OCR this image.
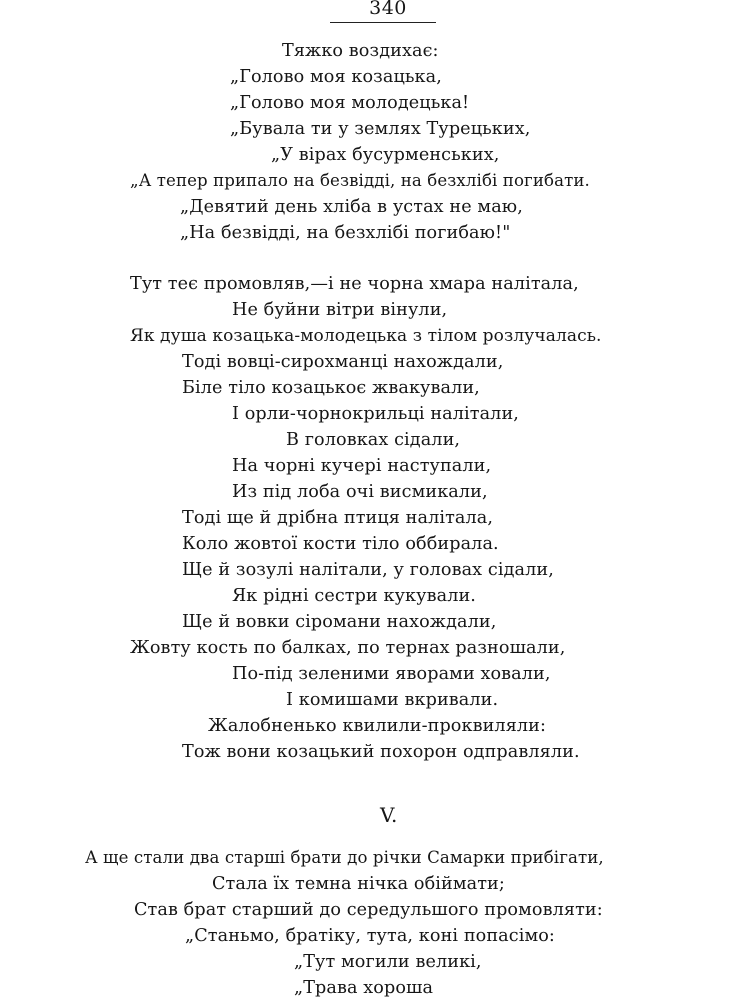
340
Тяжко воздихає:
„Голово моя козацька,
„Голово моя молодецька!
„Бувала ти у землях Турецьких,
„У вірах бусурменських,
„А тепер припало на безвідді, на безхлібі погибати.
„Девятий день хліба в устах не маю,
„На безвідді, на безхлібі погибаю!"
Тут теє промовляв,—і не чорна хмара налітала,
Не буйни вітри вінули,
Як душа козацька-молодецька з тілом розлучалась.
Тоді вовці-сирохманці нахождали,
Біле тіло козацькоє жвакували,
І орли-чорнокрильці налітали,
В головках сідали,
На чорні кучері наступали,
Из під лоба очі висмикали,
Тоді ще й дрібна птиця налітала,
Коло жовтої кости тіло оббирала.
Ще й зозулі налітали, у головах сідали,
Як рідні сестри кукували.
Ще й вовки сіромани нахождали,
Жовту кость по балках, по тернах разношали,
По-під зеленими яворами ховали,
І комишами вкривали.
Жалобненько квилили-проквиляли:
Тож вони козацький похорон одправляли.
V.
А ще стали два старші брати до річки Самарки прибігати,
Стала їх темна нічка обіймати;
Став брат старший до середульшого промовляти:
„Станьмо, братіку, тута, коні попасімо:
„Тут могили великі,
„Трава хороша
